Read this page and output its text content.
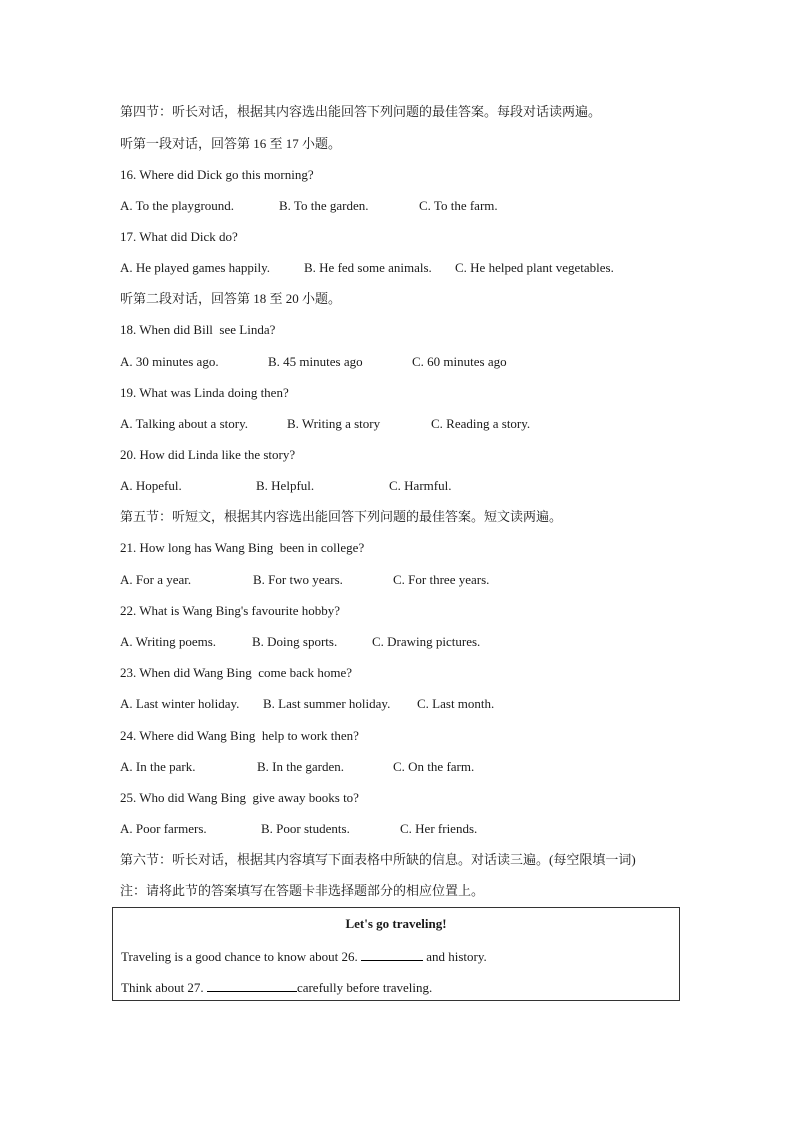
第四节：听长对话，根据其内容选出能回答下列问题的最佳答案。每段对话读两遍。
听第一段对话，回答第 16 至 17 小题。
16. Where did Dick go this morning?
A. To the playground.	B. To the garden.	C. To the farm.
17. What did Dick do?
A. He played games happily.	B. He fed some animals. C. He helped plant vegetables.
听第二段对话，回答第 18 至 20 小题。
18. When did Bill  see Linda?
A. 30 minutes ago.	B. 45 minutes ago	C. 60 minutes ago
19. What was Linda doing then?
A. Talking about a story.	B. Writing a story	C. Reading a story.
20. How did Linda like the story?
A. Hopeful.	B. Helpful.	C. Harmful.
第五节：听短文，根据其内容选出能回答下列问题的最佳答案。短文读两遍。
21. How long has Wang Bing  been in college?
A. For a year.	B. For two years.	C. For three years.
22. What is Wang Bing's favourite hobby?
A. Writing poems.	B. Doing sports.	C. Drawing pictures.
23. When did Wang Bing  come back home?
A. Last winter holiday. B. Last summer holiday. C. Last month.
24. Where did Wang Bing  help to work then?
A. In the park.	B. In the garden.	C. On the farm.
25. Who did Wang Bing  give away books to?
A. Poor farmers.	B. Poor students.	C. Her friends.
第六节：听长对话，根据其内容填写下面表格中所缺的信息。对话读三遍。(每空限填一词)
注：请将此节的答案填写在答题卡非选择题部分的相应位置上。
Let's go traveling!
Traveling is a good chance to know about 26.	and history.
Think about 27.	carefully before traveling.
